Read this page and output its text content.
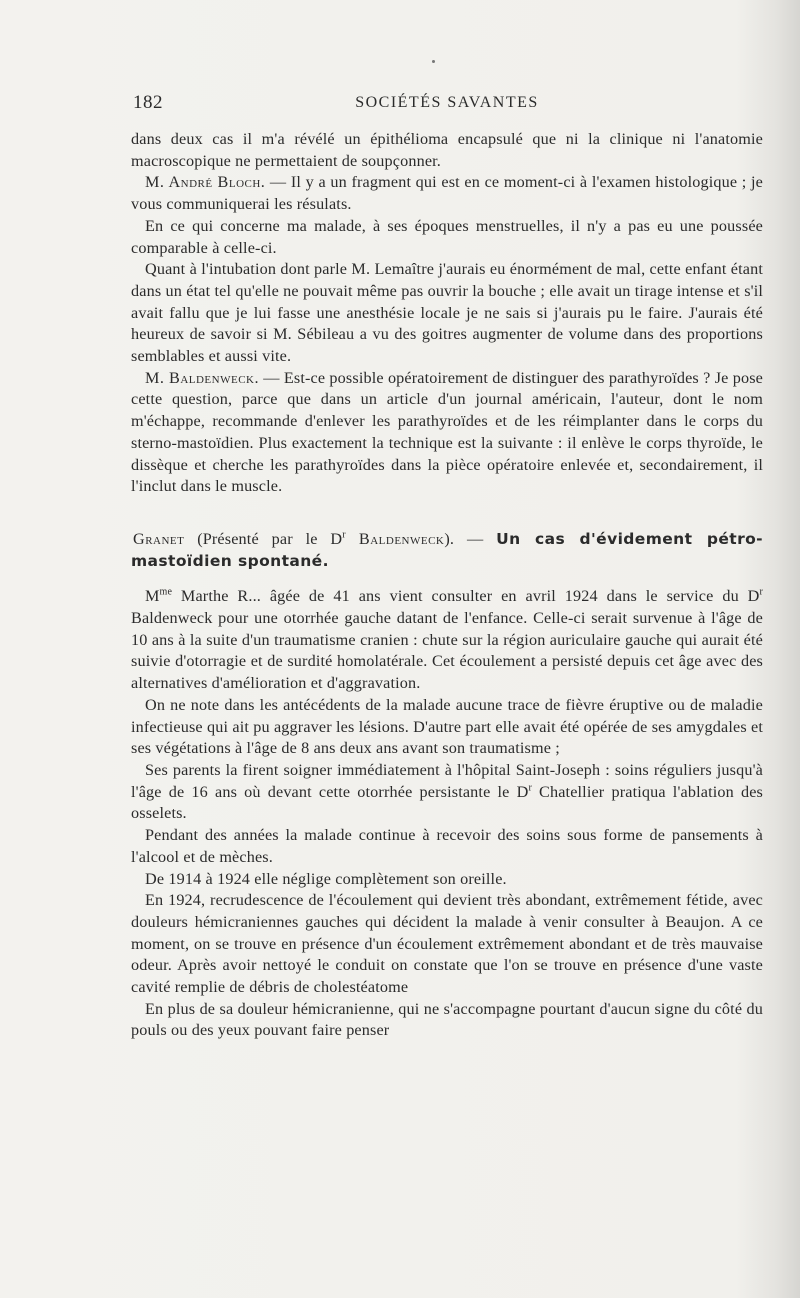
182	SOCIÉTÉS SAVANTES

dans deux cas il m'a révélé un épithélioma encapsulé que ni la clinique ni l'anatomie macroscopique ne permettaient de soupçonner.

M. André Bloch. — Il y a un fragment qui est en ce moment-ci à l'examen histologique ; je vous communiquerai les résulats.

En ce qui concerne ma malade, à ses époques menstruelles, il n'y a pas eu une poussée comparable à celle-ci.

Quant à l'intubation dont parle M. Lemaître j'aurais eu énormément de mal, cette enfant étant dans un état tel qu'elle ne pouvait même pas ouvrir la bouche ; elle avait un tirage intense et s'il avait fallu que je lui fasse une anesthésie locale je ne sais si j'aurais pu le faire. J'aurais été heureux de savoir si M. Sébileau a vu des goitres augmenter de volume dans des proportions semblables et aussi vite.

M. Baldenweck. — Est-ce possible opératoirement de distinguer des parathyroïdes ? Je pose cette question, parce que dans un article d'un journal américain, l'auteur, dont le nom m'échappe, recommande d'enlever les parathyroïdes et de les réimplanter dans le corps du sterno-mastoïdien. Plus exactement la technique est la suivante : il enlève le corps thyroïde, le dissèque et cherche les parathyroïdes dans la pièce opératoire enlevée et, secondairement, il l'inclut dans le muscle.

Granet (Présenté par le $D^r$ Baldenweck). — Un cas d'évidement pétro-mastoïdien spontané.

$M^{me}$ Marthe R... âgée de 41 ans vient consulter en avril 1924 dans le service du $D^r$ Baldenweck pour une otorrhée gauche datant de l'enfance. Celle-ci serait survenue à l'âge de 10 ans à la suite d'un traumatisme cranien : chute sur la région auriculaire gauche qui aurait été suivie d'otorragie et de surdité homolatérale. Cet écoulement a persisté depuis cet âge avec des alternatives d'amélioration et d'aggravation.

On ne note dans les antécédents de la malade aucune trace de fièvre éruptive ou de maladie infectieuse qui ait pu aggraver les lésions. D'autre part elle avait été opérée de ses amygdales et ses végétations à l'âge de 8 ans deux ans avant son traumatisme ;

Ses parents la firent soigner immédiatement à l'hôpital Saint-Joseph : soins réguliers jusqu'à l'âge de 16 ans où devant cette otorrhée persistante le $D^r$ Chatellier pratiqua l'ablation des osselets.

Pendant des années la malade continue à recevoir des soins sous forme de pansements à l'alcool et de mèches.

De 1914 à 1924 elle néglige complètement son oreille.

En 1924, recrudescence de l'écoulement qui devient très abondant, extrêmement fétide, avec douleurs hémicraniennes gauches qui décident la malade à venir consulter à Beaujon. A ce moment, on se trouve en présence d'un écoulement extrêmement abondant et de très mauvaise odeur. Après avoir nettoyé le conduit on constate que l'on se trouve en présence d'une vaste cavité remplie de débris de cholestéatome

En plus de sa douleur hémicranienne, qui ne s'accompagne pourtant d'aucun signe du côté du pouls ou des yeux pouvant faire penser
